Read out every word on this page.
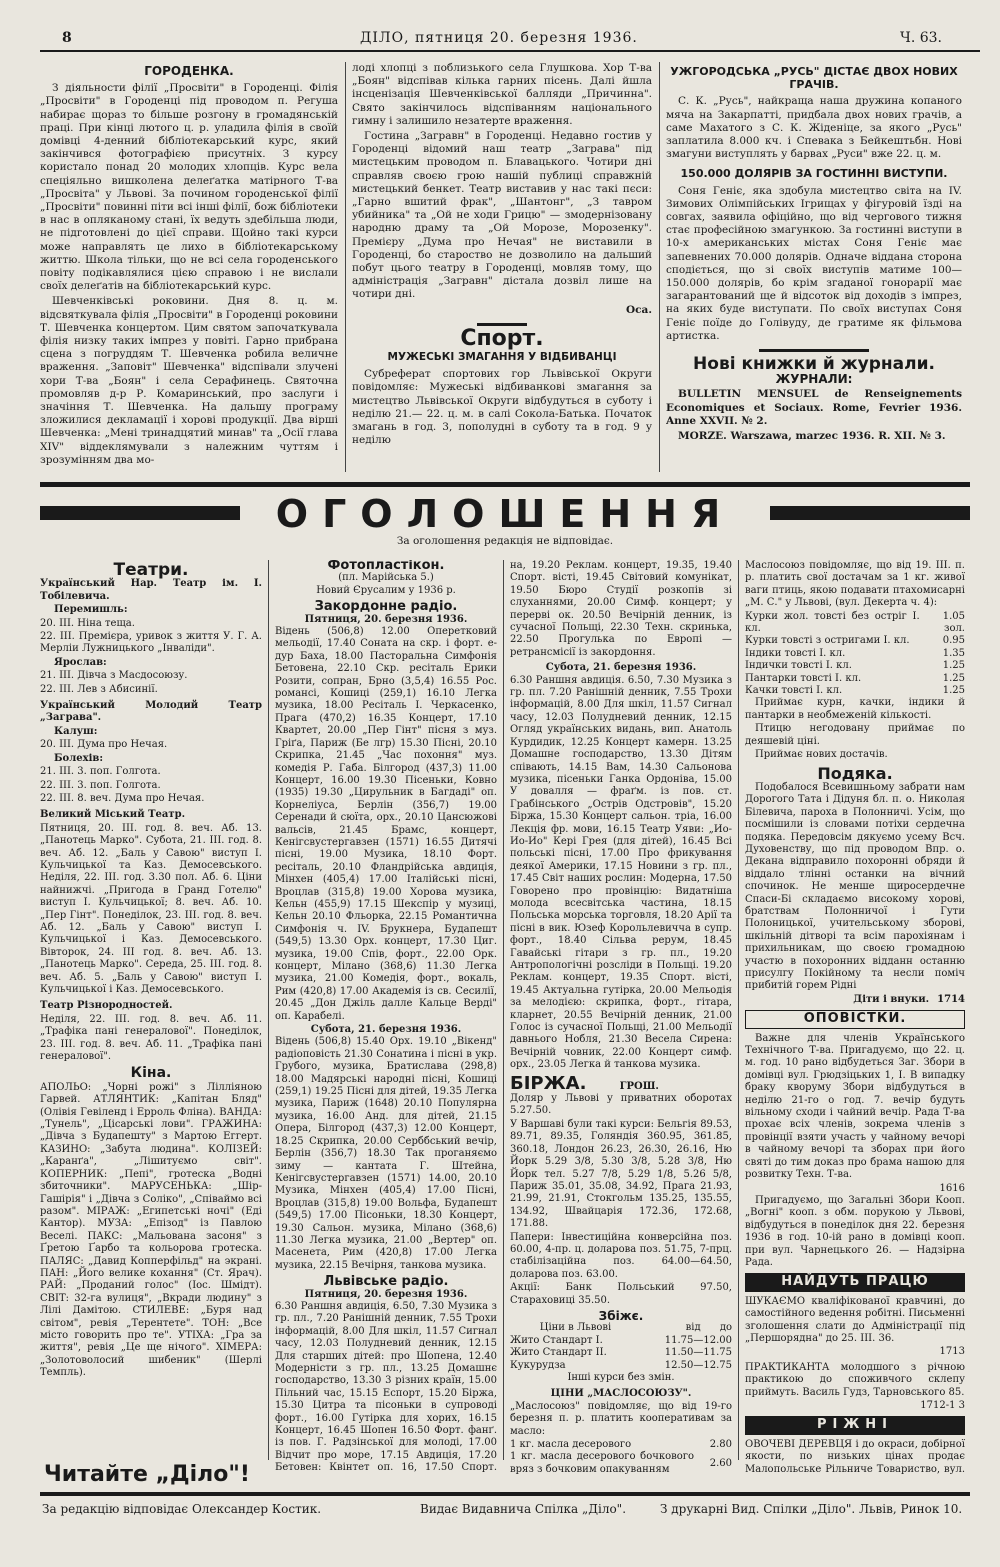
8	ДІЛО, пятниця 20. березня 1936.	Ч. 63.
ГОРОДЕНКА.

З діяльности філії „Просвіти" в Городенці. Філія „Просвіти" в Городенці під проводом п. Регуша набирає щораз то більше розгону в громадянській праці. При кінці лютого ц. р. уладила філія в своїй домівці 4-денний бібліотекарський курс, який закінчився фотографією присутніх. З курсу користало понад 20 молодих хлопців. Курс вела спеціяльно вишколена делеґатка матірного Т-ва „Просвіта" у Львові. За почином городенської філії „Просвіти" повинні піти всі інші філії, бож бібліотеки в нас в опляканому стані, їх ведуть здебільша люди, не підготовлені до цієї справи. Щойно такі курси може направлять це лихо в бібліотекарському життю. Школа тільки, що не всі села городенського повіту подікавлялися цією справою і не вислали своїх делеґатів на бібліотекарський курс.

Шевченківські роковини. Дня 8. ц. м. відсвяткувала філія „Просвіти" в Городенці роковини Т. Шевченка концертом. Цим святом започаткувала філія низку таких імпрез у повіті. Гарно прибрана сцена з погруддям Т. Шевченка робила величне враження. „Заповіт" Шевченка" відспівали злучені хори Т-ва „Боян" і села Серафинець. Святочна промовляв д-р Р. Комаринський, про заслуги і значіння Т. Шевченка. На дальшу програму зложилися декламації і хорові продукції. Два вірші Шевченка: „Мені тринадцятий минав" та „Осії глава XIV" віддеклямували з належним чуттям і зрозумінням два мо-

лоді хлопці з поблизького села Глушкова. Хор Т-ва „Боян" відспівав кілька гарних пісень. Далі йшла інсценізація Шевченківської балляди „Причинна". Свято закінчилось відспіванням національного гимну і залишило незатерте враження.

Гостина „Загравн" в Городенці. Недавно гостив у Городенці відомий наш театр „Заграва" під мистецьким проводом п. Блавацького. Чотири дні справляв своєю грою нашій публиці справжній мистецький бенкет. Театр виставив у нас такі пєси: „Гарно вшитий фрак", „Шантонг", „З тавром убийника" та „Ой не ходи Грицю" — змодернізовану народню драму та „Ой Морозе, Морозенку". Премієру „Дума про Нечая" не виставили в Городенці, бо староство не дозволило на дальший побут цього театру в Городенці, мовляв тому, що адміністрація „Загравн" дістала дозвіл лише на чотири дні.

Оса.
Спорт.
МУЖЕСЬКІ ЗМАГАННЯ У ВІДБИВАНЦІ

Субреферат спортових гор Львівської Округи повідомляє: Мужеські відбиванкові змагання за мистецтво Львівської Округи відбудуться в суботу і неділю 21.— 22. ц. м. в салі Сокола-Батька. Початок змагань в год. 3, пополудні в суботу та в год. 9 у неділю

УЖГОРОДСЬКА „РУСЬ" ДІСТАЄ ДВОХ НОВИХ ГРАЧІВ.

С. К. „Русь", найкраща наша дружина копаного мяча на Закарпатті, придбала двох нових грачів, а саме Махатого з С. К. Жіденіце, за якого „Русь" заплатила 8.000 кч. і Спевака з Бейкештьбн. Нові змагуни виступлять у барвах „Руси" вже 22. ц. м.

150.000 ДОЛЯРІВ ЗА ГОСТИННІ ВИСТУПИ.

Соня Геніє, яка здобула мистецтво світа на IV. Зимових Олімпійських Ігрищах у фігуровій їзді на совгах, заявила офіційно, що від чергового тижня стає професійною змагункою. За гостинні виступи в 10-х американських містах Соня Геніє має запевнених 70.000 долярів. Одначе віддана сторона сподіється, що зі своїх виступів матиме 100—150.000 долярів, бо крім згаданої гонорарії має загарантований ще й відсоток від доходів з імпрез, на яких буде виступати. По своїх виступах Соня Геніє поїде до Голівуду, де гратиме як фільмова артистка.

Нові книжки й журнали.
ЖУРНАЛИ:

BULLETIN MENSUEL de Renseignements Economiques et Sociaux. Rome, Fevrier 1936. Anne XXVII. № 2.

MORZE. Warszawa, marzec 1936. R. XII. № 3.

ОГОЛОШЕННЯ
За оголошення редакція не відповідає.
Театри.

Український Нар. Театр ім. І. Тобілевича.

Перемишль:

20. III. Ніна теща.

22. III. Премієра, уривок з життя У. Г. А. Мерліи Лужницького „Інваліди".

Ярослав:

21. III. Дівча з Масдосоюзу.

22. III. Лев з Абисинії.

Український Молодий Театр „Заграва".

Калуш:

20. III. Дума про Нечая.

Болехів:

21. III. 3. поп. Голгота.

22. III. 3. поп. Голгота.

22. III. 8. веч. Дума про Нечая.

Великий Міський Театр.

Пятниця, 20. III. год. 8. веч. Аб. 13. „Панотець Марко". Субота, 21. III. год. 8. веч. Аб. 12. „Баль у Савою" виступ І. Кульчицької та Каз. Демосевського. Неділя, 22. III. год. 3.30 пол. Аб. 6. Ціни найнижчі. „Пригода в Гранд Готелю" виступ І. Кульчицької; 8. веч. Аб. 10. „Пер Гінт". Понеділок, 23. III. год. 8. веч. Аб. 12. „Баль у Савою" виступ І. Кульчицької і Каз. Демосевського. Вівторок, 24. III год. 8. веч. Аб. 13. „Панотець Марко". Середа, 25. III. год. 8. веч. Аб. 5. „Баль у Савою" виступ І. Кульчицької і Каз. Демосевського.

Театр Різнородностей.

Неділя, 22. III. год. 8. веч. Аб. 11. „Трафіка пані генералової". Понеділок, 23. III. год. 8. веч. Аб. 11. „Трафіка пані генералової".

Кіна.

АПОЛЬО: „Чорні рожі" з Лілліяною Гарвей. АТЛЯНТИК: „Капітан Бляд" (Олівія Гевіленд і Ерроль Фліна). ВАНДА: „Тунель", „Цісарські лови". ГРАЖИНА: „Дівча з Будапешту" з Мартою Еггерт. КАЗИНО: „Забута людина". КОЛІЗЕЙ: „Каранґа", „Лішитуємо світ". КОПЕРНИК: „Пепі", гротеска „Водні збиточники". МАРУСЕНЬКА: „Шір-Гашірія" і „Дівча з Соліко", „Співаймо всі разом". МІРАЖ: „Египетські ночі" (Еді Кантор). МУЗА: „Епізод" із Павлою Веселі. ПАКС: „Мальована засоня" з Ґретою Ґарбо та кольорова гротеска. ПАЛЯС: „Давид Копперфільд" на экрані. ПАН: „Його велике кохання" (Ст. Ярач). РАЙ: „Проданий голос" (Іос. Шмідт). СВІТ: 32-га вулиця", „Вкради людину" з Лілі Дамітою. СТИЛЕВЕ: „Буря над світом", ревія „Терентете". ТОН: „Все місто говорить про те". УТІХА: „Гра за життя", ревія „Це ще нічого". ХІМЕРА: „Золотоволосий шибеник" (Шерлі Темпль).

Фотопластікон.
(пл. Марійська 5.)
Новий Єрусалим у 1936 р.
Закордонне радіо.
Пятниця, 20. березня 1936.

Відень (506,8) 12.00 Оперетковий мельодії, 17.40 Соната на скр. і форт. е-дур Баха, 18.00 Пасторальна Симфонія Бетовена, 22.10 Скр. ресіталь Ерики Розити, сопран, Брно (3,5,4) 16.55 Рос. романсі, Кошиці (259,1) 16.10 Легка музика, 18.00 Ресіталь І. Черкасенко, Прага (470,2) 16.35 Концерт, 17.10 Квартет, 20.00 „Пер Гінт" пісня з муз. Гріґа, Париж (Бе лгр) 15.30 Пісні, 20.10 Скрипка, 21.45 „Час похоння" муз. комедія Р. Габа. Білгород (437,3) 11.00 Концерт, 16.00 19.30 Пісеньки, Ковно (1935) 19.30 „Цирульник в Багдаді" оп. Корнеліуса, Берлін (356,7) 19.00 Серенади й сюїта, орх., 20.10 Цансюжові вальсів, 21.45 Брамс, концерт, Кенігсвустергавзен (1571) 16.55 Дитячі пісні, 19.00 Музика, 18.10 Форт. ресіталь, 20.10 Фландрійська авдиція, Мінхен (405,4) 17.00 Італійські пісні, Вроцлав (315,8) 19.00 Хорова музика, Кельн (455,9) 17.15 Шекспір у музиці, Кельн 20.10 Фльорка, 22.15 Романтична Симфонія ч. IV. Брукнера, Будапешт (549,5) 13.30 Орх. концерт, 17.30 Циг. музика, 19.00 Спів, форт., 22.00 Орк. концерт, Мілано (368,6) 11.30 Легка музика, 21.00 Комедія, форт., вокаль, Рим (420,8) 17.00 Академія із св. Сесилії, 20.45 „Дон Джіль далле Кальце Верді" оп. Карабелі.

Субота, 21. березня 1936.

Відень (506,8) 15.40 Орх. 19.10 „Вікенд" радіоповість 21.30 Сонатина і пісні в укр. Грубого, музика, Братислава (298,8) 18.00 Мадярські народні пісні, Кошиці (259,1) 19.25 Пісні для дітей, 19.35 Легка музика, Париж (1648) 20.10 Популярна музика, 16.00 Анд. для дітей, 21.15 Опера, Білгород (437,3) 12.00 Концерт, 18.25 Скрипка, 20.00 Серббський вечір, Берлін (356,7) 18.30 Так проганяємо зиму — кантата Г. Штейна, Кенігсвустергавзен (1571) 14.00, 20.10 Музика, Мінхен (405,4) 17.00 Пісні, Вроцлав (315,8) 19.00 Вольфа, Будапешт (549,5) 17.00 Пісоньки, 18.30 Концерт, 19.30 Сальон. музика, Мілано (368,6) 11.30 Легка музика, 21.00 „Вертер" оп. Масенета, Рим (420,8) 17.00 Легка музика, 22.15 Вечірня, танкова музика.

Львівське радіо.
Пятниця, 20. березня 1936.

6.30 Раншня авдиція, 6.50, 7.30 Музика з гр. пл., 7.20 Ранішній денник, 7.55 Трохи інформацій, 8.00 Для шкіл, 11.57 Сигнал часу, 12.03 Полудневий денник, 12.15 Для старших дітей: про Шопена, 12.40 Модерністи з гр. пл., 13.25 Домашнє господарство, 13.30 3 різних країн, 15.00 Пільний час, 15.15 Еспорт, 15.20 Біржа, 15.30 Цитра та пісоньки в супроводі форт., 16.00 Гутірка для хорих, 16.15 Концерт, 16.45 Шопен 16.50 Форт. фанґ. із пов. Г. Радзінської для молоді, 17.00 Відчит про море, 17.15 Авдиція, 17.20 Бетовен: Квінтет оп. 16, 17.50 Спорт.

на, 19.20 Реклам. концерт, 19.35, 19.40 Спорт. вісті, 19.45 Світовий комунікат, 19.50 Бюро Студії розкопів зі слуханнями, 20.00 Симф. концерт; у перерві ок. 20.50 Вечірній денник, із сучасної Польщі, 22.30 Техн. скринька, 22.50 Прогулька по Европі — ретрансмісії із закордоння.

Субота, 21. березня 1936.

6.30 Раншня авдиція. 6.50, 7.30 Музика з гр. пл. 7.20 Ранішній денник, 7.55 Трохи інформацій, 8.00 Для шкіл, 11.57 Сигнал часу, 12.03 Полудневий денник, 12.15 Огляд українських видань, вип. Анатоль Курдидик, 12.25 Концерт камерн. 13.25 Домашне господарство, 13.30 Дітям співають, 14.15 Вам, 14.30 Сальонова музика, пісеньки Ганка Ордоніва, 15.00 У довалля — фраґм. із пов. ст. Грабінського „Острів Одстровів", 15.20 Біржа, 15.30 Концерт сальон. тріа, 16.00 Лекція фр. мови, 16.15 Театр Уяви: „Ио-Ио-Ио" Кері Грея (для дітей), 16.45 Всі польські пісні, 17.00 Про фрикування деякої Америки, 17.15 Новини з гр. пл., 17.45 Світ наших рослин: Модерна, 17.50 Говорено про провінцію: Видатніша молода всесвітська частина, 18.15 Польська морська торговля, 18.20 Арії та пісні в вик. Юзеф Корольлевичча в супр. форт., 18.40 Сільва рерум, 18.45 Гавайські гітари з гр. пл., 19.20 Антропологічні розсліди в Польщі. 19.20 Реклам. концерт, 19.35 Спорт. вісті, 19.45 Актуальна гутірка, 20.00 Мельодія за мелодією: скрипка, форт., гітара, кларнет, 20.55 Вечірній денник, 21.00 Голос із сучасної Польщі, 21.00 Мельодії давнього Нобля, 21.30 Весела Сирена: Вечірній човник, 22.00 Концерт симф. орх., 23.05 Легка й танкова музика.

БІРЖА.	ГРОШ.

Доляр у Львові у приватних оборотах 5.27.50.

У Варшаві були такі курси: Бельгія 89.53, 89.71, 89.35, Голяндія 360.95, 361.85, 360.18, Лондон 26.23, 26.30, 26.16, Ню Йорк 5.29 3/8, 5.30 3/8, 5.28 3/8, Ню Йорк тел. 5.27 7/8, 5.29 1/8, 5.26 5/8, Париж 35.01, 35.08, 34.92, Прага 21.93, 21.99, 21.91, Стокгольм 135.25, 135.55, 134.92, Швайцарія 172.36, 172.68, 171.88.

Папери: Інвестиційна конверсійна поз. 60.00, 4-пр. ц. доларова поз. 51.75, 7-прц. стабілізаційна поз. 64.00—64.50, доларова поз. 63.00.

Акції: Банк Польський 97.50, Стараховиці 35.50.

Збіжє.
Ціни в Львові	від до
Жито Стандарт І.	11.75—12.00
Жито Стандарт ІІ.	11.50—11.75
Кукурудза	12.50—12.75

Інші курси без змін.

ЦІНИ „МАСЛОСОЮЗУ".

„Маслосоюз" повідомляє, що від 19-го березня п. р. платить кооперативам за масло:

1 кг. масла десерового	2.80
1 кг. масла десерового бочкового вряз з бочковим опакуванням	2.60

Маслосоюз повідомляє, що від 19. ІІІ. п. р. платить свої достачам за 1 кг. живої ваги птиць, якою подавати птахомисарні „М. С." у Львові, (вул. Декерта ч. 4):

Курки жол. товсті без остріг І. кл.	1.05 зол.
Курки товсті з остригами І. кл.	0.95
Індики товсті І. кл.	1.35
Індички товсті І. кл.	1.25
Пантарки товсті І. кл.	1.25
Качки товсті І. кл.	1.25

Приймає курн, качки, індики й пантарки в необмеженій кількості.

Птицю негодовану приймає по деяшевій ціні.

Приймає нових достачів.

Подяка.

Подобалося Всевишньому забрати нам Дорогого Тата і Дідуня бл. п. о. Николая Білевича, пароха в Полонничі. Усім, що посмішили із словами потіхи сердечна подяка. Передовсім дякуємо усему Всч. Духовенству, що під проводом Впр. о. Декана відправило похоронні обряди й віддало тлінні останки на вічний спочинок. Не менше щиросердечне Спаси-Бі складаємо високому хорові, братствам Полонничої і Гути Полоницької, учительському зборові, шкільній дітворі та всім парохіянам і прихильникам, що своєю громадною участю в похоронних відданн останню присулгу Покійному та несли поміч прибитій горем Рідні

Діти і внуки. 1714
ОПОВІСТКИ.

Важне для членів Українського Технічного Т-ва. Пригадуємо, що 22. ц. м. год. 10 рано відбудеться Заг. Збори в домівці вул. Грюдзіцьких 1, І. В випадку браку кворуму Збори відбудуться в неділю 21-го о год. 7. вечір будуть вільному сходи і чайний вечір. Рада Т-ва прохає всіх членів, зокрема членів з провінції взяти участь у чайному вечорі в чайному вечорі та зборах при його святі до тим доказ про брама нашою для розвитку Техн. Т-ва.

1616

Пригадуємо, що Загальні Збори Кооп. „Вогні" кооп. з обм. порукою у Львові, відбудуться в понеділок дня 22. березня 1936 в год. 10-ій рано в домівці кооп. при вул. Чарнецького 26. — Надзірна Рада.

НАЙДУТЬ ПРАЦЮ

ШУКАЄМО кваліфікованої кравчині, до самостійного ведення робітні. Письменні зголошення слати до Адміністрації під „Першорядна" до 25. III. 36.

1713

ПРАКТИКАНТА молодшого з річною практикою до споживчого склепу приймуть. Василь Гудз, Тарновського 85.

1712-1 3
РІЖНІ

ОВОЧЕВІ ДЕРЕВЦЯ і до окраси, добірної якости, по низьких цінах продає Малопольське Рільниче Товариство, вул.

Читайте „Діло"!
За редакцію відповідає Олександер Костик.	Видає Видавнича Спілка „Діло".	З друкарні Вид. Спілки „Діло". Львів, Ринок 10.
